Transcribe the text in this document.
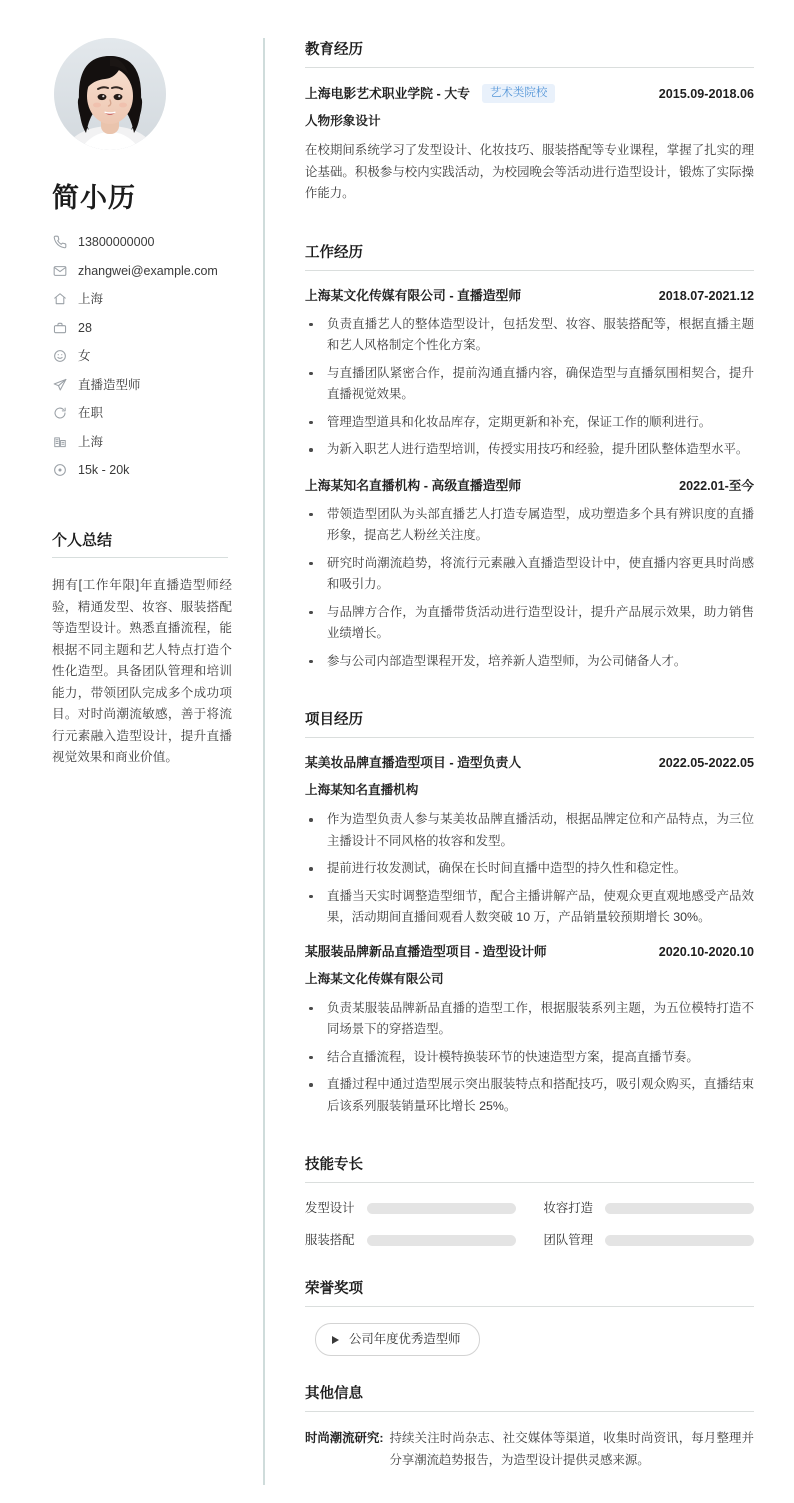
简小历
13800000000
zhangwei@example.com
上海
28
女
直播造型师
在职
上海
15k - 20k
个人总结
拥有[工作年限]年直播造型师经验，精通发型、妆容、服装搭配等造型设计。熟悉直播流程，能根据不同主题和艺人特点打造个性化造型。具备团队管理和培训能力，带领团队完成多个成功项目。对时尚潮流敏感，善于将流行元素融入造型设计，提升直播视觉效果和商业价值。
教育经历
上海电影艺术职业学院 - 大专	艺术类院校	2015.09-2018.06
人物形象设计
在校期间系统学习了发型设计、化妆技巧、服装搭配等专业课程，掌握了扎实的理论基础。积极参与校内实践活动，为校园晚会等活动进行造型设计，锻炼了实际操作能力。
工作经历
上海某文化传媒有限公司 - 直播造型师	2018.07-2021.12
负责直播艺人的整体造型设计，包括发型、妆容、服装搭配等，根据直播主题和艺人风格制定个性化方案。
与直播团队紧密合作，提前沟通直播内容，确保造型与直播氛围相契合，提升直播视觉效果。
管理造型道具和化妆品库存，定期更新和补充，保证工作的顺利进行。
为新入职艺人进行造型培训，传授实用技巧和经验，提升团队整体造型水平。
上海某知名直播机构 - 高级直播造型师	2022.01-至今
带领造型团队为头部直播艺人打造专属造型，成功塑造多个具有辨识度的直播形象，提高艺人粉丝关注度。
研究时尚潮流趋势，将流行元素融入直播造型设计中，使直播内容更具时尚感和吸引力。
与品牌方合作，为直播带货活动进行造型设计，提升产品展示效果，助力销售业绩增长。
参与公司内部造型课程开发，培养新人造型师，为公司储备人才。
项目经历
某美妆品牌直播造型项目 - 造型负责人	2022.05-2022.05
上海某知名直播机构
作为造型负责人参与某美妆品牌直播活动，根据品牌定位和产品特点，为三位主播设计不同风格的妆容和发型。
提前进行妆发测试，确保在长时间直播中造型的持久性和稳定性。
直播当天实时调整造型细节，配合主播讲解产品，使观众更直观地感受产品效果，活动期间直播间观看人数突破 10 万，产品销量较预期增长 30%。
某服装品牌新品直播造型项目 - 造型设计师	2020.10-2020.10
上海某文化传媒有限公司
负责某服装品牌新品直播的造型工作，根据服装系列主题，为五位模特打造不同场景下的穿搭造型。
结合直播流程，设计模特换装环节的快速造型方案，提高直播节奏。
直播过程中通过造型展示突出服装特点和搭配技巧，吸引观众购买，直播结束后该系列服装销量环比增长 25%。
技能专长
发型设计	妆容打造
服装搭配	团队管理
荣誉奖项
公司年度优秀造型师
其他信息
时尚潮流研究: 持续关注时尚杂志、社交媒体等渠道，收集时尚资讯，每月整理并分享潮流趋势报告，为造型设计提供灵感来源。
